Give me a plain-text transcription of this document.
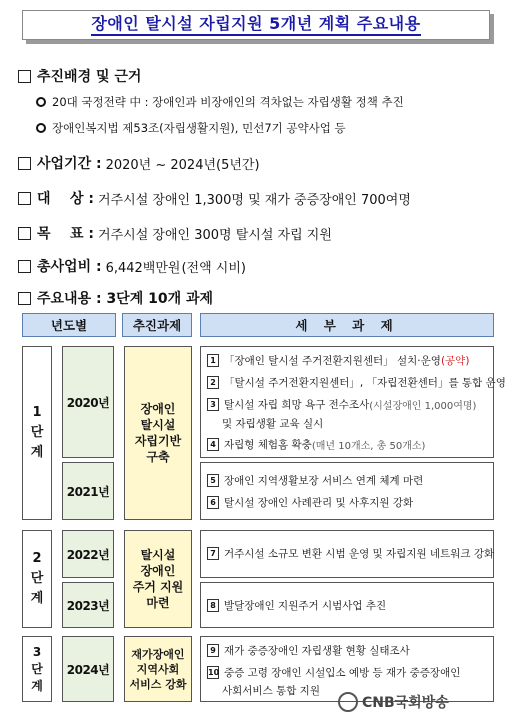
장애인 탈시설 자립지원 5개년 계획 주요내용
추진배경 및 근거
20대 국정전략 中 : 장애인과 비장애인의 격차없는 자립생활 정책 추진
장애인복지법 제53조(자립생활지원), 민선7기 공약사업 등
사업기간 : 2020년 ~ 2024년(5년간)
대    상 : 거주시설 장애인 1,300명 및 재가 중증장애인 700여명
목    표 : 거주시설 장애인 300명 탈시설 자립 지원
총사업비 : 6,442백만원 (전액 시비)
주요내용 : 3단계 10개 과제
년도별	추진과제	세 부 과 제
1
단
계
2020년
2021년
장애인
탈시설
자립기반
구축
1 「장애인 탈시설 주거전환지원센터」 설치·운영 (공약)
2 「탈시설 주거전환지원센터」, 「자립전환센터」를 통합 운영
3 탈시설 자립 희망 욕구 전수조사 (시설장애인 1,000여명)
및 자립생활 교육 실시
4 자립형 체험홈 확충 (매년 10개소, 총 50개소)
5 장애인 지역생활보장 서비스 연계 체계 마련
6 탈시설 장애인 사례관리 및 사후지원 강화
2
단
계
2022년
2023년
탈시설
장애인
주거 지원
마련
7 거주시설 소규모 변환 시범 운영 및 자립지원 네트워크 강화
8 발달장애인 지원주거 시범사업 추진
3
단
계
2024년
재가장애인
지역사회
서비스 강화
9 재가 중증장애인 자립생활 현황 실태조사
10 중증 고령 장애인 시설입소 예방 등 재가 중증장애인
사회서비스 통합 지원
CNB국회방송
